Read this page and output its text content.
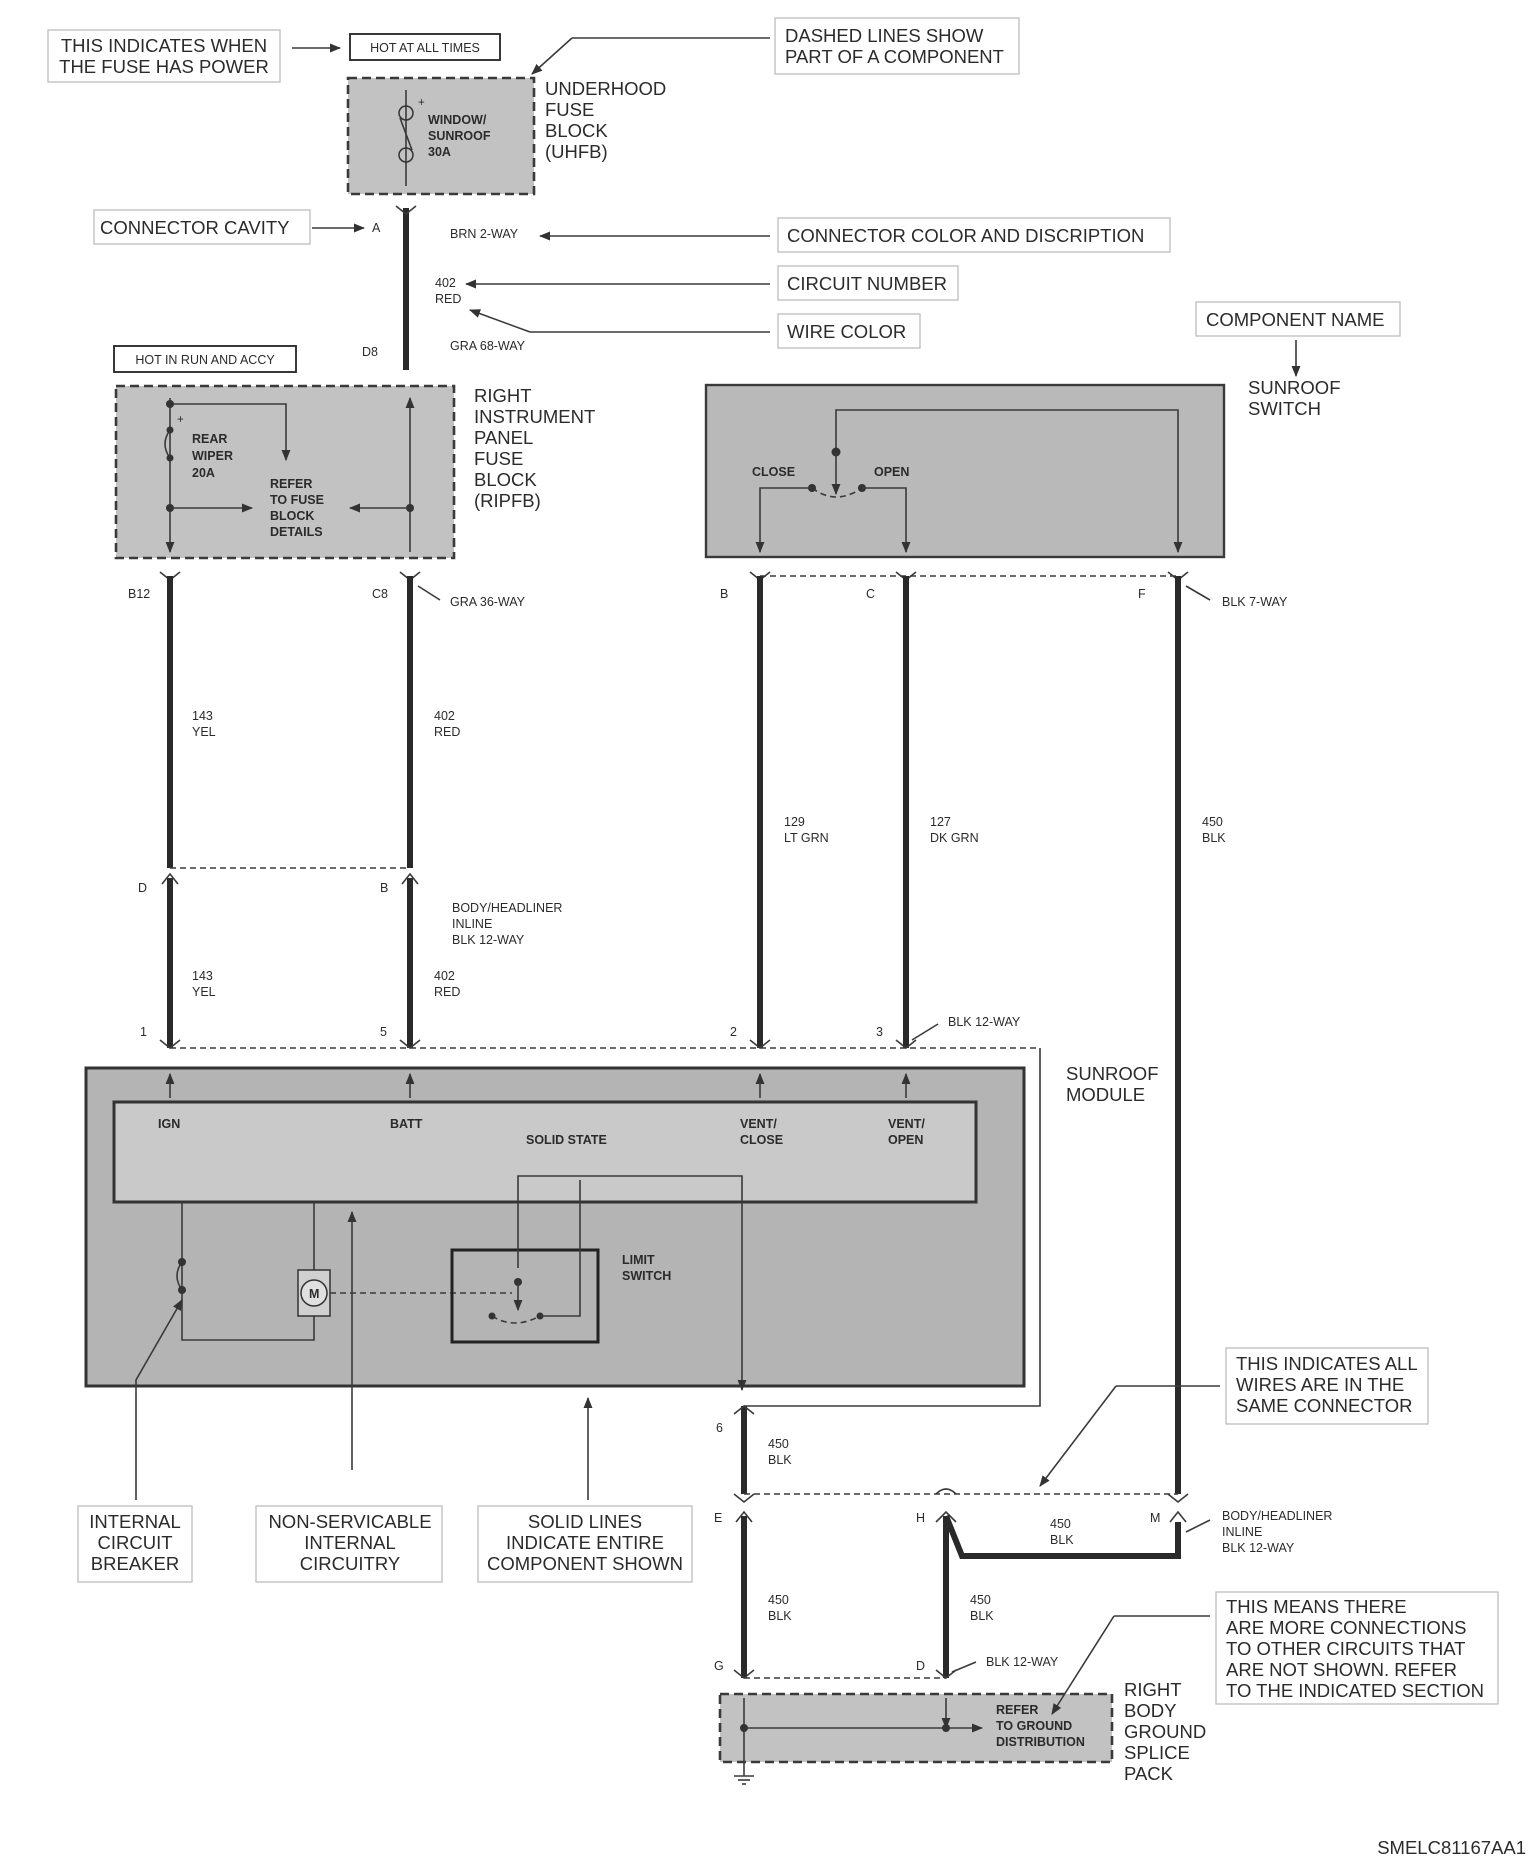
THIS INDICATES WHEN
THE FUSE HAS POWER
HOT AT ALL TIMES
DASHED LINES SHOW
PART OF A COMPONENT
+
WINDOW/
SUNROOF
30A
UNDERHOOD
FUSE
BLOCK
(UHFB)
CONNECTOR CAVITY	A	BRN 2-WAY	CONNECTOR COLOR AND DISCRIPTION
402
RED
CIRCUIT NUMBER
WIRE COLOR
COMPONENT NAME
HOT IN RUN AND ACCY
D8	GRA 68-WAY
+
REAR
WIPER
20A
REFER
TO FUSE
BLOCK
DETAILS
RIGHT
INSTRUMENT
PANEL
FUSE
BLOCK
(RIPFB)
CLOSE	OPEN
SUNROOF
SWITCH
B12	C8
GRA 36-WAY
B	C	F
BLK 7-WAY
143
YEL
402
RED
129
LT GRN
127
DK GRN
450
BLK
D	B
BODY/HEADLINER
INLINE
BLK 12-WAY
143
YEL
402
RED
1	5	2	3
BLK 12-WAY
IGN	BATT
SOLID STATE
VENT/
CLOSE
VENT/
OPEN
M
LIMIT
SWITCH
SUNROOF
MODULE
6
450
BLK
THIS INDICATES ALL
WIRES ARE IN THE
SAME CONNECTOR
E	H	M
450
BLK
BODY/HEADLINER
INLINE
BLK 12-WAY
450
BLK
450
BLK
G	D	BLK 12-WAY
REFER
TO GROUND
DISTRIBUTION
RIGHT
BODY
GROUND
SPLICE
PACK
THIS MEANS THERE
ARE MORE CONNECTIONS
TO OTHER CIRCUITS THAT
ARE NOT SHOWN. REFER
TO THE INDICATED SECTION
INTERNAL
CIRCUIT
BREAKER
NON-SERVICABLE
INTERNAL
CIRCUITRY
SOLID LINES
INDICATE ENTIRE
COMPONENT SHOWN
SMELC81167AA1
